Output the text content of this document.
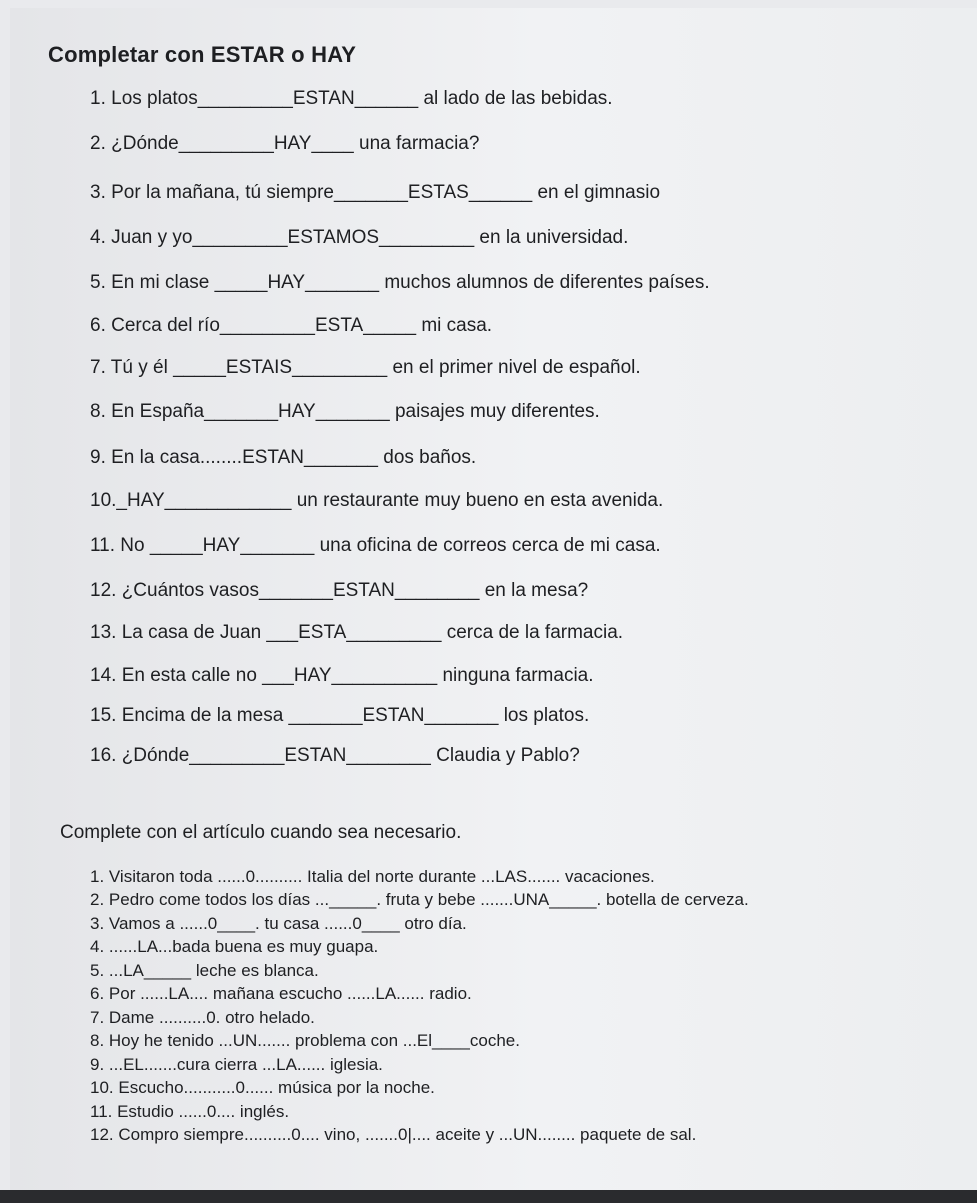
Completar con ESTAR o HAY
1. Los platos_________ESTAN______ al lado de las bebidas.
2. ¿Dónde_________HAY____ una farmacia?
3. Por la mañana, tú siempre_______ESTAS______ en el gimnasio
4. Juan y yo_________ESTAMOS_________ en la universidad.
5. En mi clase _____HAY_______ muchos alumnos de diferentes países.
6. Cerca del río_________ESTA_____ mi casa.
7. Tú y él _____ESTAIS_________ en el primer nivel de español.
8. En España_______HAY_______ paisajes muy diferentes.
9. En la casa........ESTAN_______ dos baños.
10._HAY____________ un restaurante muy bueno en esta avenida.
11. No _____HAY_______ una oficina de correos cerca de mi casa.
12. ¿Cuántos vasos_______ESTAN________ en la mesa?
13. La casa de Juan ___ESTA_________ cerca de la farmacia.
14. En esta calle no ___HAY__________ ninguna farmacia.
15. Encima de la mesa _______ESTAN_______ los platos.
16. ¿Dónde_________ESTAN________ Claudia y Pablo?
Complete con el artículo cuando sea necesario.
1. Visitaron toda ......0.......... Italia del norte durante ...LAS....... vacaciones.
2. Pedro come todos los días ..._____. fruta y bebe .......UNA_____. botella de cerveza.
3. Vamos a ......0____. tu casa ......0____ otro día.
4. ......LA...bada buena es muy guapa.
5. ...LA_____ leche es blanca.
6. Por ......LA.... mañana escucho ......LA...... radio.
7. Dame ..........0. otro helado.
8. Hoy he tenido ...UN....... problema con ...El____coche.
9. ...EL.......cura cierra ...LA...... iglesia.
10. Escucho...........0...... música por la noche.
11. Estudio ......0.... inglés.
12. Compro siempre..........0.... vino, .......0|.... aceite y ...UN........ paquete de sal.
